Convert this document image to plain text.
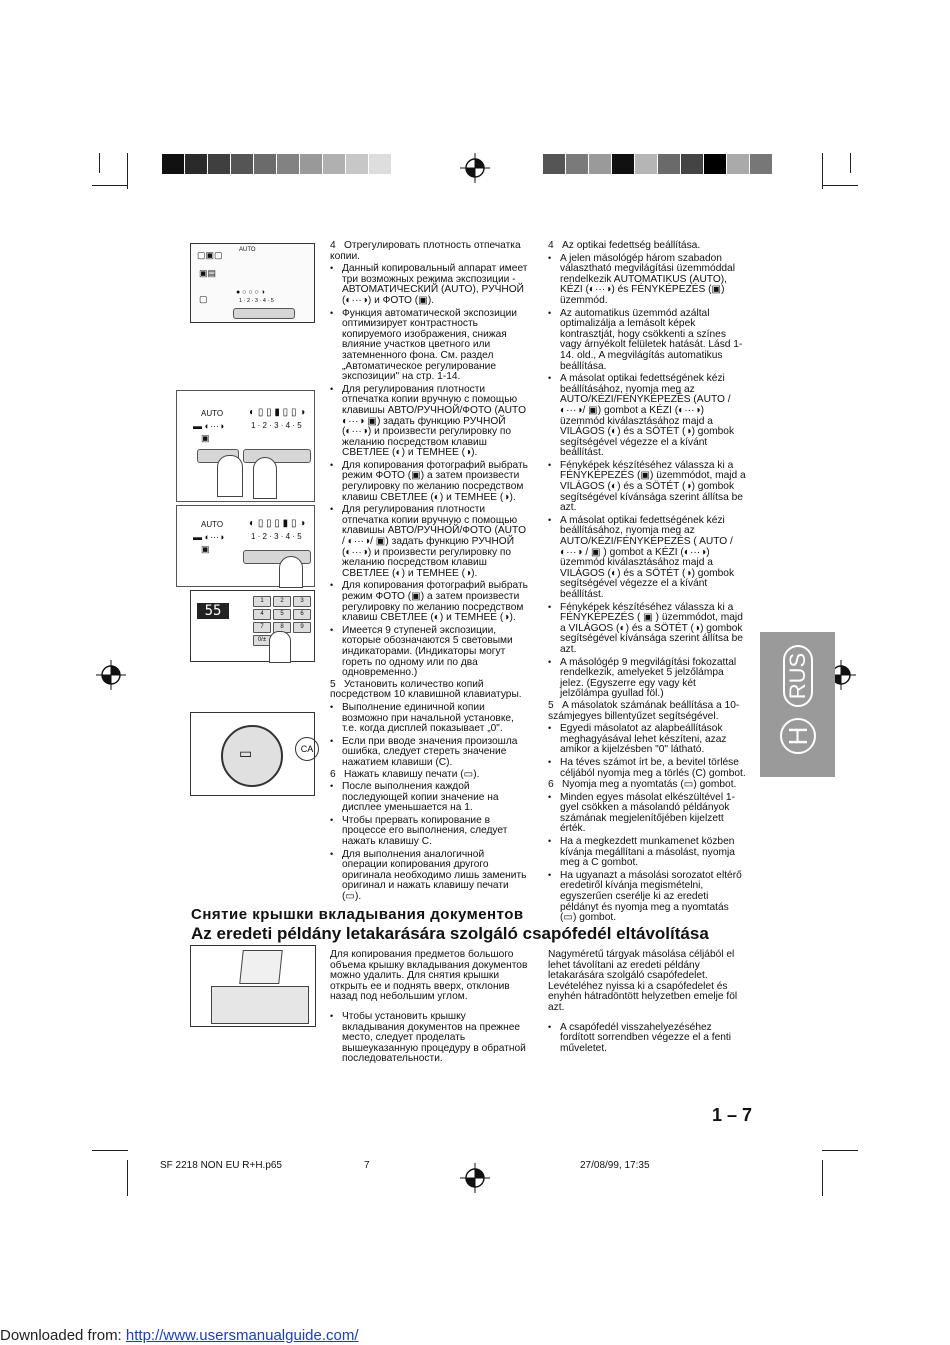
▢▣▢	AUTO
▣▤
▢
● ○ ○ ○ ◑
1 · 2 · 3 · 4 · 5
AUTO
▬ ◐···◑
▣
◐ ▯ ▯ ▮ ▯ ▯ ◑
1 · 2 · 3 · 4 · 5
AUTO
▬ ◐···◑
▣
◐ ▯ ▯ ▯ ▮ ▯ ◑
1 · 2 · 3 · 4 · 5
55
1	2	3
4	5	6
7	8	9
0/±
▭	CA

4 Отрегулировать плотность отпечатка копии.

• Данный копировальный аппарат имеет три возможных режима экспозиции - АВТОМАТИЧЕСКИЙ (AUTO), РУЧНОЙ (◐···◑) и ФОТО (▣).

• Функция автоматической экспозиции оптимизирует контрастность копируемого изображения, снижая влияние участков цветного или затемненного фона. См. раздел „Автоматическое регулирование экспозиции" на стр. 1-14.

• Для регулирования плотности отпечатка копии вручную с помощью клавишы АВТО/РУЧНОЙ/ФОТО (AUTO ◐···◑ ▣) задать функцию РУЧНОЙ (◐···◑) и произвести регулировку по желанию посредством клавиш СВЕТЛЕЕ (◐) и ТЕМНЕЕ (◑).

• Для копирования фотографий выбрать режим ФОТО (▣) а затем произвести регулировку по желанию посредством клавиш СВЕТЛЕЕ (◐) и ТЕМНЕЕ (◑).

• Для регулирования плотности отпечатка копии вручную с помощью клавишы АВТО/РУЧНОЙ/ФОТО (AUTO / ◐···◑/ ▣) задать функцию РУЧНОЙ (◐···◑) и произвести регулировку по желанию посредством клавиш СВЕТЛЕЕ (◐) и ТЕМНЕЕ (◑).

• Для копирования фотографий выбрать режим ФОТО (▣) а затем произвести регулировку по желанию посредством клавиш СВЕТЛЕЕ (◐) и ТЕМНЕЕ (◑).

• Имеется 9 ступеней экспозиции, которые обозначаются 5 световыми индикаторами. (Индикаторы могут гореть по одному или по два одновременно.)

5 Установить количество копий посредством 10 клавишной клавиатуры.

• Выполнение единичной копии возможно при начальной установке, т.е. когда дисплей показывает „0".

• Если при вводе значения произошла ошибка, следует стереть значение нажатием клавиши (C).

6 Нажать клавишу печати (▭).

• После выполнения каждой последующей копии значение на дисплее уменьшается на 1.

• Чтобы прервать копирование в процессе его выполнения, следует нажать клавишу C.

• Для выполнения аналогичной операции копирования другого оригинала необходимо лишь заменить оригинал и нажать клавишу печати (▭).

4 Az optikai fedettség beállítása.

• A jelen másológép három szabadon választható megvilágítási üzemmóddal rendelkezik AUTOMATIKUS (AUTO), KÉZI (◐···◑) és FÉNYKÉPEZÉS (▣) üzemmód.

• Az automatikus üzemmód azáltal optimalizálja a lemásolt képek kontrasztját, hogy csökkenti a színes vagy árnyékolt felületek hatását. Lásd 1-14. old., A megvilágítás automatikus beállítása.

• A másolat optikai fedettségének kézi beállításához, nyomja meg az AUTO/KÉZI/FÉNYKÉPEZÉS (AUTO /◐···◑/ ▣) gombot a KÉZI (◐···◑) üzemmód kiválasztásához majd a VILÁGOS (◐) és a SÖTÉT (◑) gombok segítségével végezze el a kívánt beállítást.

• Fényképek készítéséhez válassza ki a FÉNYKÉPEZÉS (▣) üzemmódot, majd a VILÁGOS (◐) és a SÖTÉT (◑) gombok segítségével kívánsága szerint állítsa be azt.

• A másolat optikai fedettségének kézi beállításához, nyomja meg az AUTO/KÉZI/FÉNYKÉPEZÉS ( AUTO / ◐···◑ / ▣ ) gombot a KÉZI (◐···◑) üzemmód kiválasztásához majd a VILÁGOS (◐) és a SÖTÉT (◑) gombok segítségével végezze el a kívánt beállítást.

• Fényképek készítéséhez válassza ki a FÉNYKÉPEZÉS ( ▣ ) üzemmódot, majd a VILÁGOS (◐) és a SÖTÉT (◑) gombok segítségével kívánsága szerint állítsa be azt.

• A másológép 9 megvilágítási fokozattal rendelkezik, amelyeket 5 jelzőlámpa jelez. (Egyszerre egy vagy két jelzőlámpa gyullad föl.)

5 A másolatok számának beállítása a 10-számjegyes billentyűzet segítségével.

• Egyedi másolatot az alapbeállítások meghagyásával lehet készíteni, azaz amikor a kijelzésben "0" látható.

• Ha téves számot írt be, a bevitel törlése céljából nyomja meg a törlés (C) gombot.

6 Nyomja meg a nyomtatás (▭) gombot.

• Minden egyes másolat elkészültével 1-gyel csökken a másolandó példányok számának megjelenítőjében kijelzett érték.

• Ha a megkezdett munkamenet közben kívánja megállítani a másolást, nyomja meg a C gombot.

• Ha ugyanazt a másolási sorozatot eltérő eredetiről kívánja megismételni, egyszerűen cserélje ki az eredeti példányt és nyomja meg a nyomtatás (▭) gombot.

Снятие крышки вкладывания документов
Az eredeti példány letakarására szolgáló csapófedél eltávolítása

Для копирования предметов большого объема крышку вкладывания документов можно удалить. Для снятия крышки открыть ее и поднять вверх, отклонив назад под небольшим углом.

• Чтобы установить крышку вкладывания документов на прежнее место, следует проделать вышеуказанную процедуру в обратной последовательности.

Nagyméretű tárgyak másolása céljából el lehet távolítani az eredeti példány letakarására szolgáló csapófedelet. Levételéhez nyissa ki a csapófedelet és enyhén hátradöntött helyzetben emelje föl azt.

• A csapófedél visszahelyezéséhez fordított sorrendben végezze el a fenti műveletet.

H
RUS
1 – 7
SF 2218 NON EU R+H.p65	7	27/08/99, 17:35
Downloaded from: http://www.usersmanualguide.com/
